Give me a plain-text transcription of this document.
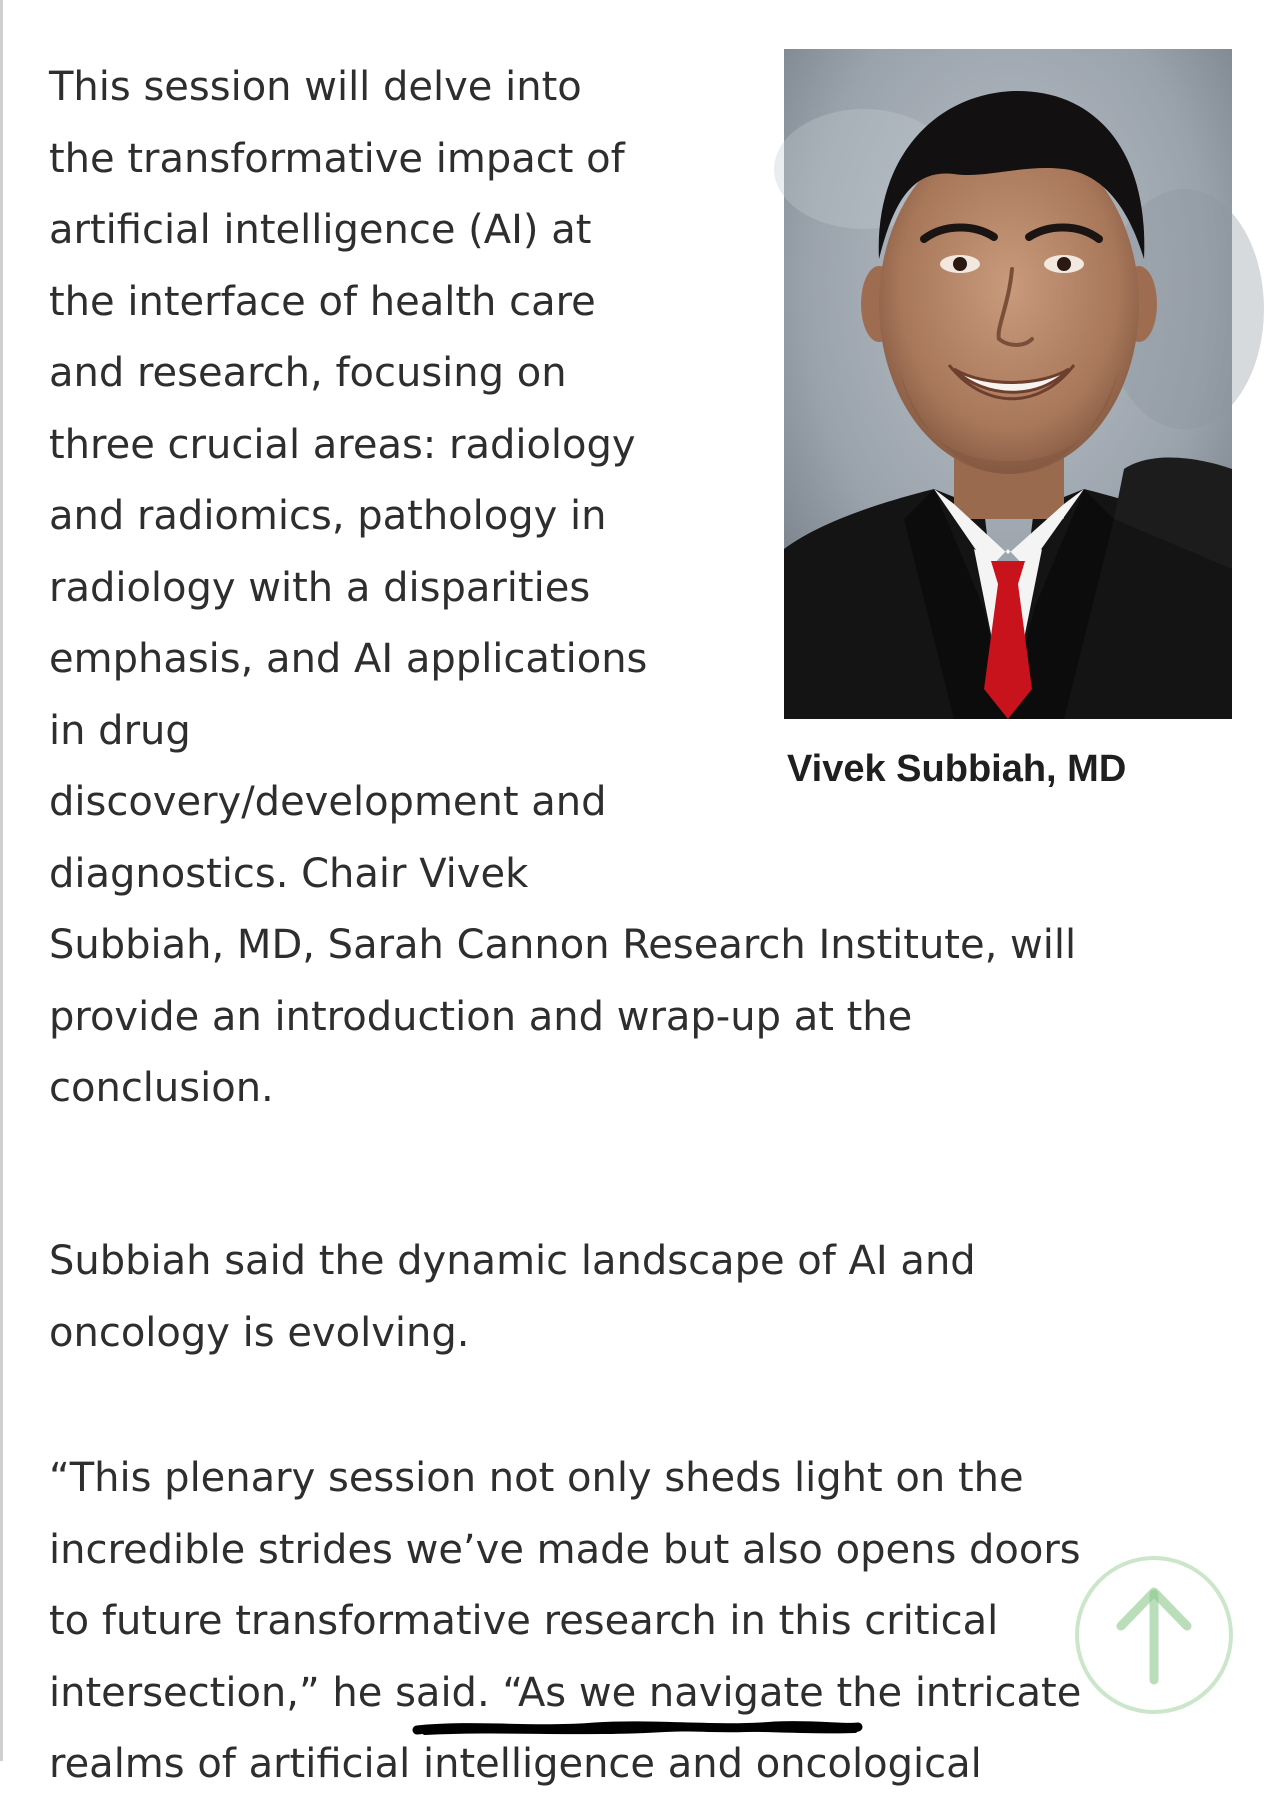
This session will delve into
the transformative impact of
artificial intelligence (AI) at
the interface of health care
and research, focusing on
three crucial areas: radiology
and radiomics, pathology in
radiology with a disparities
emphasis, and AI applications
in drug
discovery/development and
diagnostics. Chair Vivek
Subbiah, MD, Sarah Cannon Research Institute, will
provide an introduction and wrap-up at the
conclusion.
Subbiah said the dynamic landscape of AI and
oncology is evolving.
“This plenary session not only sheds light on the
incredible strides we’ve made but also opens doors
to future transformative research in this critical
intersection,” he said. “As we navigate the intricate
realms of artificial intelligence and oncological
Vivek Subbiah, MD
